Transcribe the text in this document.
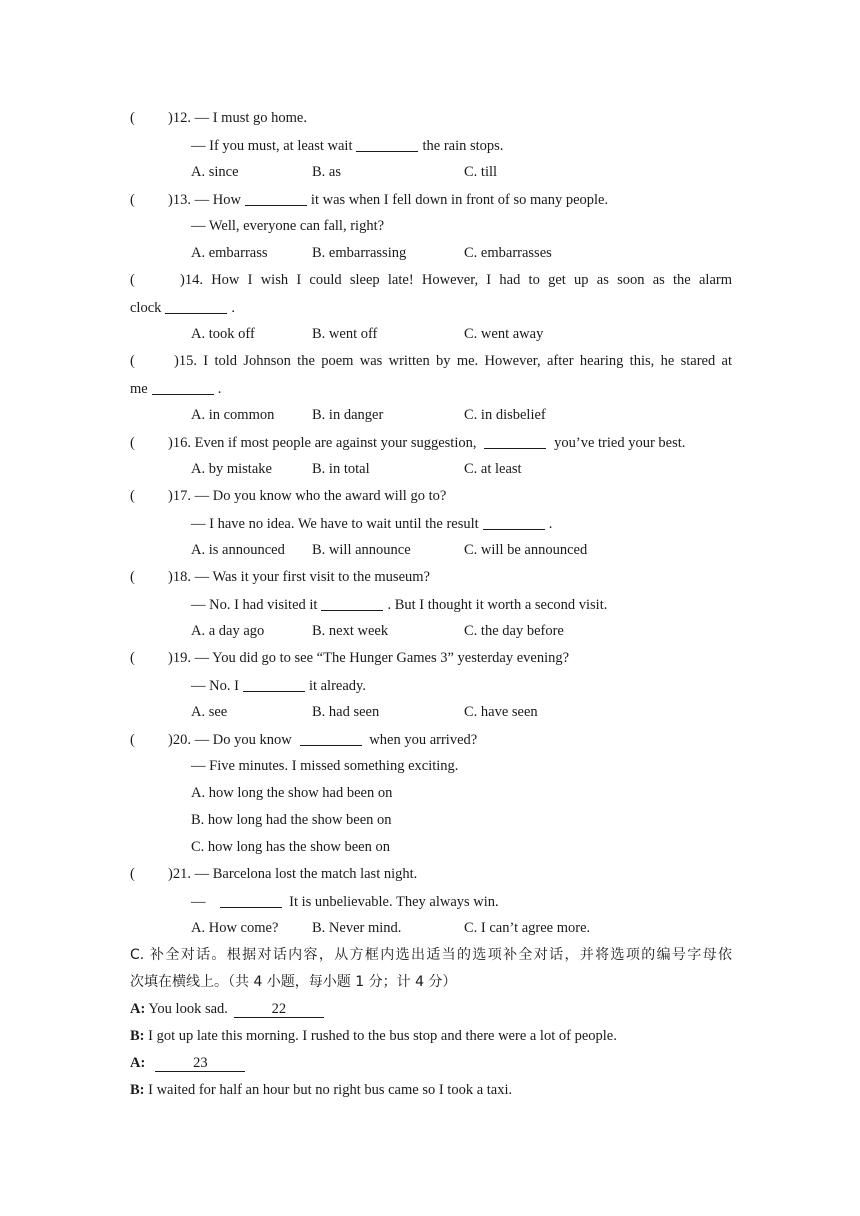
( )12. — I must go home.
— If you must, at least wait	the rain stops.
A. since	B. as	C. till
( )13. — How	it was when I fell down in front of so many people.
— Well, everyone can fall, right?
A. embarrass	B. embarrassing	C. embarrasses
(	)14. How I wish I could sleep late! However, I had to get up as soon as the alarm
clock	.
A. took off	B. went off	C. went away
(	)15. I told Johnson the poem was written by me. However, after hearing this, he stared at
me	.
A. in common	B. in danger	C. in disbelief
( )16. Even if most people are against your suggestion,	you’ve tried your best.
A. by mistake	B. in total	C. at least
( )17. — Do you know who the award will go to?
— I have no idea. We have to wait until the result	.
A. is announced B. will announce	C. will be announced
( )18. — Was it your first visit to the museum?
— No. I had visited it	. But I thought it worth a second visit.
A. a day ago	B. next week	C. the day before
( )19. — You did go to see “The Hunger Games 3” yesterday evening?
— No. I	it already.
A. see	B. had seen	C. have seen
( )20. — Do you know	when you arrived?
— Five minutes. I missed something exciting.
A. how long the show had been on
B. how long had the show been on
C. how long has the show been on
( )21. — Barcelona lost the match last night.
—	It is unbelievable. They always win.
A. How come? B. Never mind.	C. I can’t agree more.
C. 补全对话。根据对话内容，从方框内选出适当的选项补全对话，并将选项的编号字母依
次填在横线上。（共 4 小题，每小题 1 分；计 4 分）
A: You look sad.	22
B: I got up late this morning. I rushed to the bus stop and there were a lot of people.
A:	23
B: I waited for half an hour but no right bus came so I took a taxi.
